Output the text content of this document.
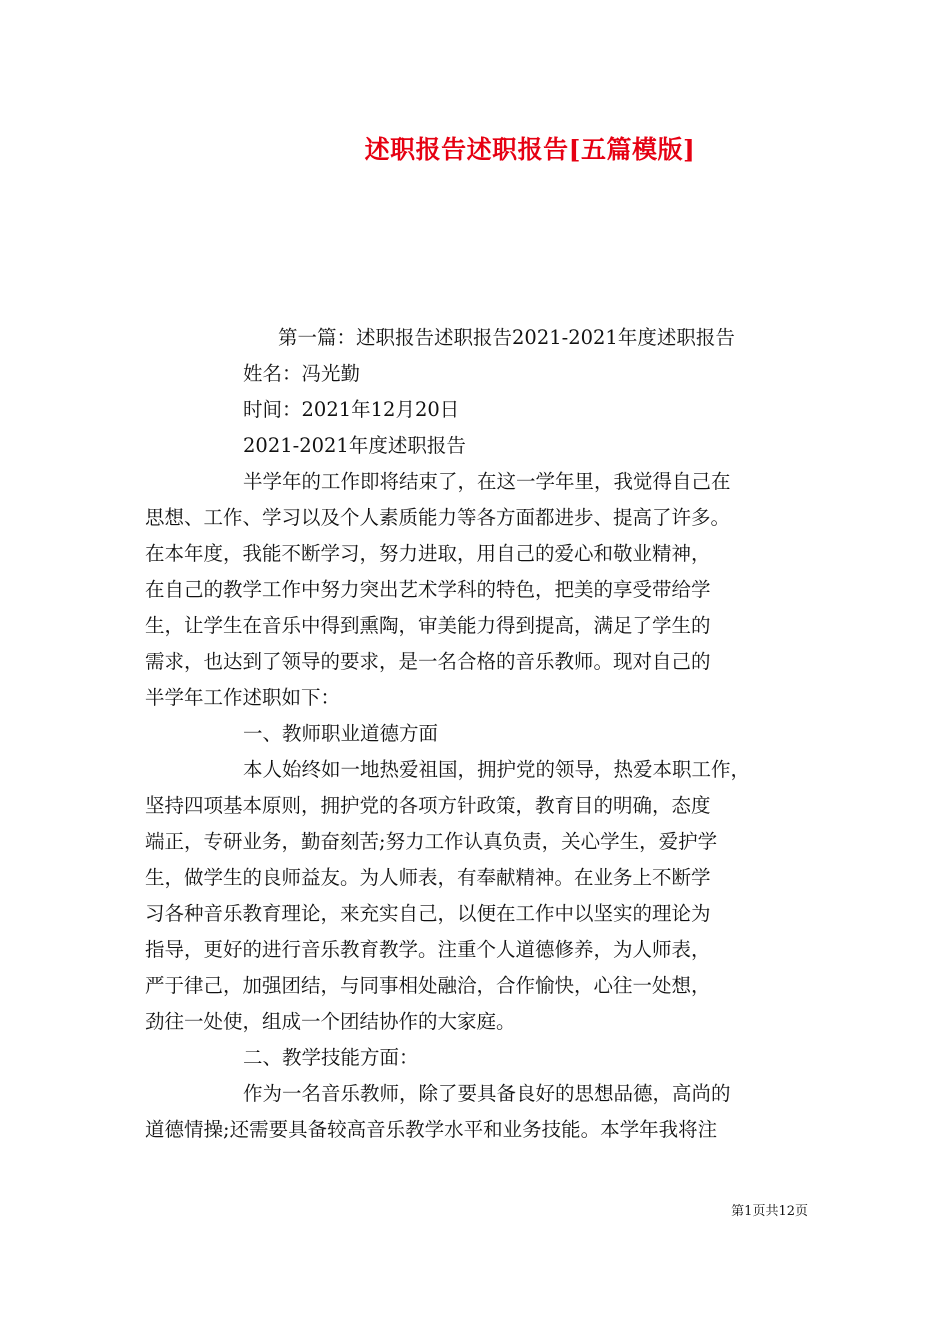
述职报告述职报告[五篇模版]
第一篇：述职报告述职报告2021-2021年度述职报告
姓名：冯光勤
时间：2021年12月20日
2021-2021年度述职报告
半学年的工作即将结束了，在这一学年里，我觉得自己在
思想、工作、学习以及个人素质能力等各方面都进步、提高了许多。
在本年度，我能不断学习，努力进取，用自己的爱心和敬业精神，
在自己的教学工作中努力突出艺术学科的特色，把美的享受带给学
生，让学生在音乐中得到熏陶，审美能力得到提高，满足了学生的
需求，也达到了领导的要求，是一名合格的音乐教师。现对自己的
半学年工作述职如下：
一、教师职业道德方面
本人始终如一地热爱祖国，拥护党的领导，热爱本职工作，
坚持四项基本原则，拥护党的各项方针政策，教育目的明确，态度
端正，专研业务，勤奋刻苦;努力工作认真负责，关心学生，爱护学
生，做学生的良师益友。为人师表，有奉献精神。在业务上不断学
习各种音乐教育理论，来充实自己，以便在工作中以坚实的理论为
指导，更好的进行音乐教育教学。注重个人道德修养，为人师表，
严于律己，加强团结，与同事相处融洽，合作愉快，心往一处想，
劲往一处使，组成一个团结协作的大家庭。
二、教学技能方面：
作为一名音乐教师，除了要具备良好的思想品德，高尚的
道德情操;还需要具备较高音乐教学水平和业务技能。本学年我将注
第1页共12页
